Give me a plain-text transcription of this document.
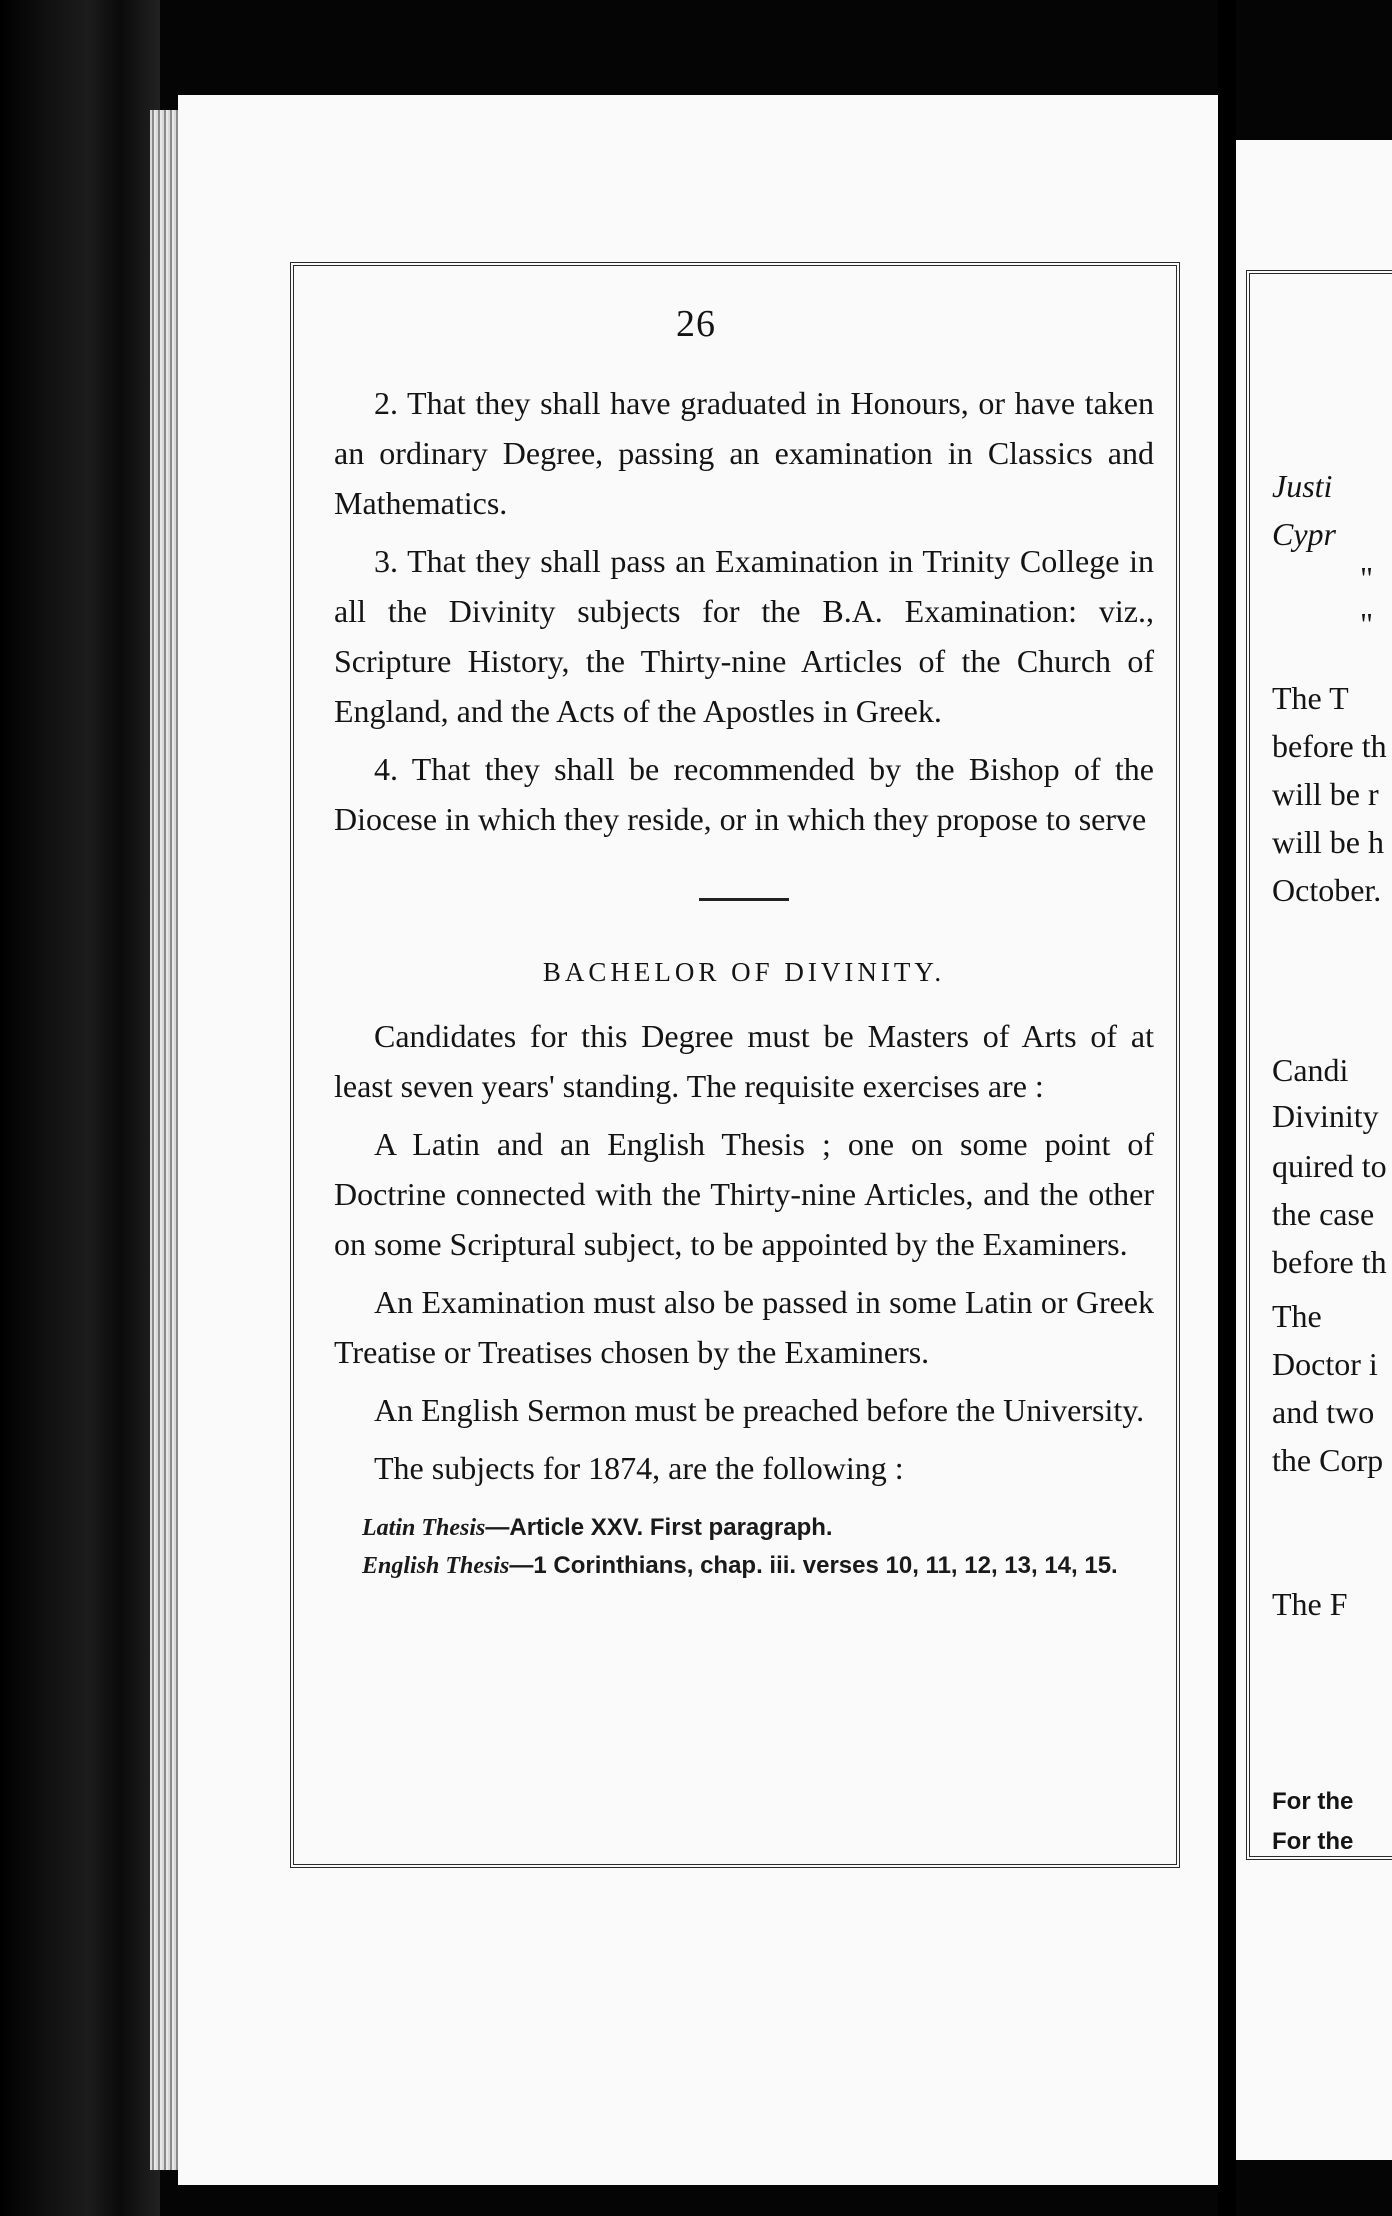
26

2. That they shall have graduated in Honours, or have taken an ordinary Degree, passing an examination in Classics and Mathematics.

3. That they shall pass an Examination in Trinity College in all the Divinity subjects for the B.A. Examination: viz., Scripture History, the Thirty-nine Articles of the Church of England, and the Acts of the Apostles in Greek.

4. That they shall be recommended by the Bishop of the Diocese in which they reside, or in which they propose to serve

BACHELOR OF DIVINITY.

Candidates for this Degree must be Masters of Arts of at least seven years' standing. The requisite exercises are :

A Latin and an English Thesis ; one on some point of Doctrine connected with the Thirty-nine Articles, and the other on some Scriptural subject, to be appointed by the Examiners.

An Examination must also be passed in some Latin or Greek Treatise or Treatises chosen by the Examiners.

An English Sermon must be preached before the University.

The subjects for 1874, are the following :

Latin Thesis—Article XXV. First paragraph.
English Thesis—1 Corinthians, chap. iii. verses 10, 11, 12, 13, 14, 15.
Justi
Cypr
"
"
The T
before th
will be r
will be h
October.
Candi
Divinity
quired to
the case
before th
The
Doctor i
and two
the Corp
The F
For the
For the
